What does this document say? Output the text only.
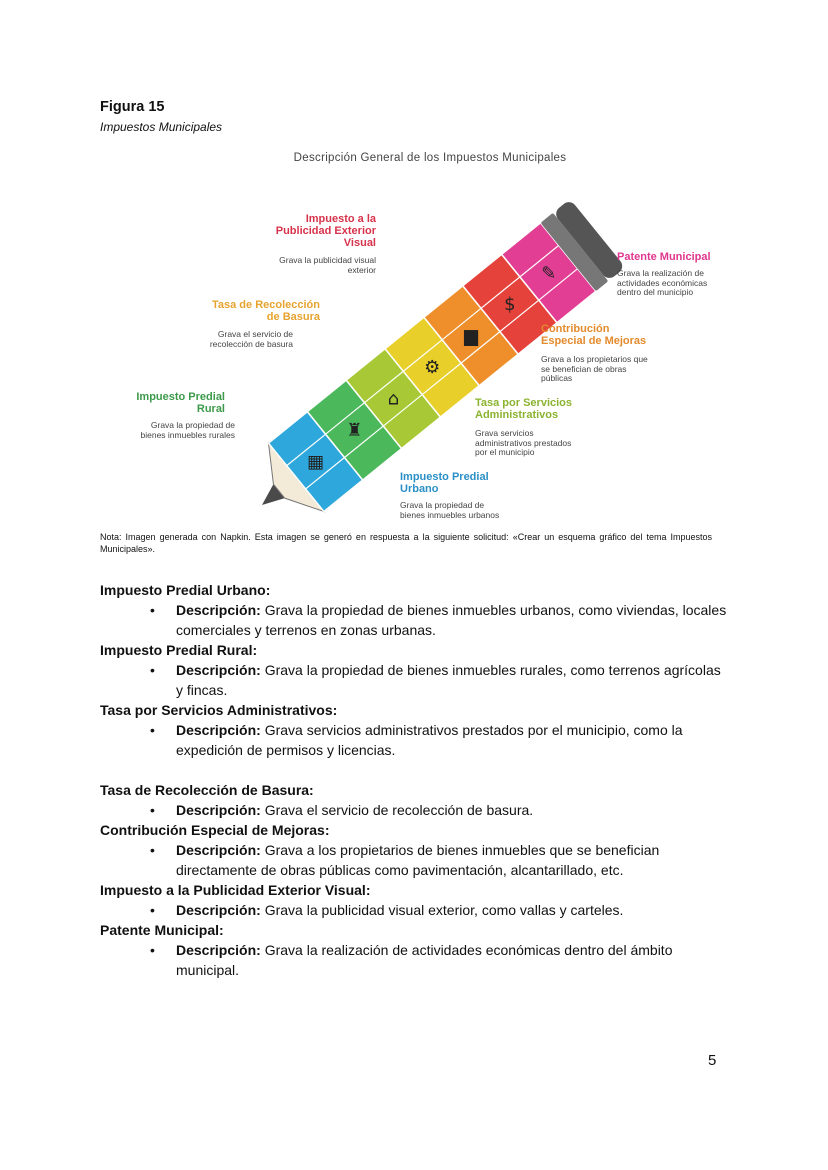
Figura 15
Impuestos Municipales
Descripción General de los Impuestos Municipales
▦
♜
⌂
⚙
▆
$
✎
Impuesto a la
Publicidad Exterior
Visual
Grava la publicidad visual
exterior
Patente Municipal
Grava la realización de
actividades económicas
dentro del municipio
Tasa de Recolección
de Basura
Grava el servicio de
recolección de basura
Contribución
Especial de Mejoras
Grava a los propietarios que
se benefician de obras
públicas
Impuesto Predial
Rural
Grava la propiedad de
bienes inmuebles rurales
Tasa por Servicios
Administrativos
Grava servicios
administrativos prestados
por el municipio
Impuesto Predial
Urbano
Grava la propiedad de
bienes inmuebles urbanos
Nota: Imagen generada con Napkin. Esta imagen se generó en respuesta a la siguiente solicitud: «Crear un esquema gráfico del tema Impuestos Municipales».
Impuesto Predial Urbano:
• Descripción: Grava la propiedad de bienes inmuebles urbanos, como viviendas, locales comerciales y terrenos en zonas urbanas.
Impuesto Predial Rural:
• Descripción: Grava la propiedad de bienes inmuebles rurales, como terrenos agrícolas y fincas.
Tasa por Servicios Administrativos:
• Descripción: Grava servicios administrativos prestados por el municipio, como la expedición de permisos y licencias.
Tasa de Recolección de Basura:
• Descripción: Grava el servicio de recolección de basura.
Contribución Especial de Mejoras:
• Descripción: Grava a los propietarios de bienes inmuebles que se benefician directamente de obras públicas como pavimentación, alcantarillado, etc.
Impuesto a la Publicidad Exterior Visual:
• Descripción: Grava la publicidad visual exterior, como vallas y carteles.
Patente Municipal:
• Descripción: Grava la realización de actividades económicas dentro del ámbito municipal.
5
